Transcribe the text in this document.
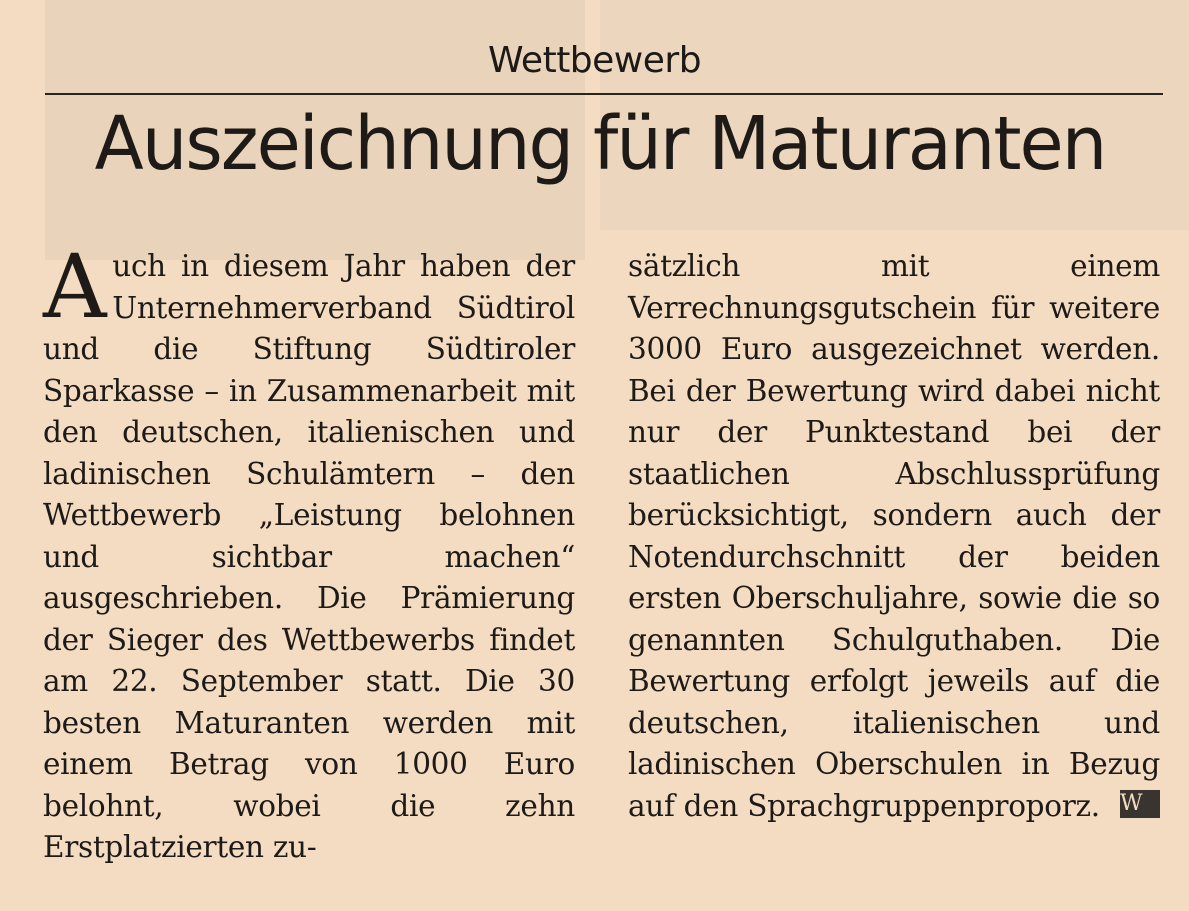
Wettbewerb
Auszeichnung für Maturanten

Auch in diesem Jahr haben der Unternehmerverband Südtirol und die Stiftung Südtiroler Sparkasse – in Zusammenarbeit mit den deutschen, italienischen und ladinischen Schulämtern – den Wettbewerb „Leistung belohnen und sichtbar machen“ ausgeschrieben. Die Prämierung der Sieger des Wettbewerbs findet am 22. September statt. Die 30 besten Maturanten werden mit einem Betrag von 1000 Euro belohnt, wobei die zehn Erstplatzierten zu-

sätzlich mit einem Verrechnungsgutschein für weitere 3000 Euro ausgezeichnet werden. Bei der Bewertung wird dabei nicht nur der Punktestand bei der staatlichen Abschlussprüfung berücksichtigt, sondern auch der Notendurchschnitt der beiden ersten Oberschuljahre, sowie die so genannten Schulguthaben. Die Bewertung erfolgt jeweils auf die deutschen, italienischen und ladinischen Oberschulen in Bezug auf den Sprachgruppenproporz. W
